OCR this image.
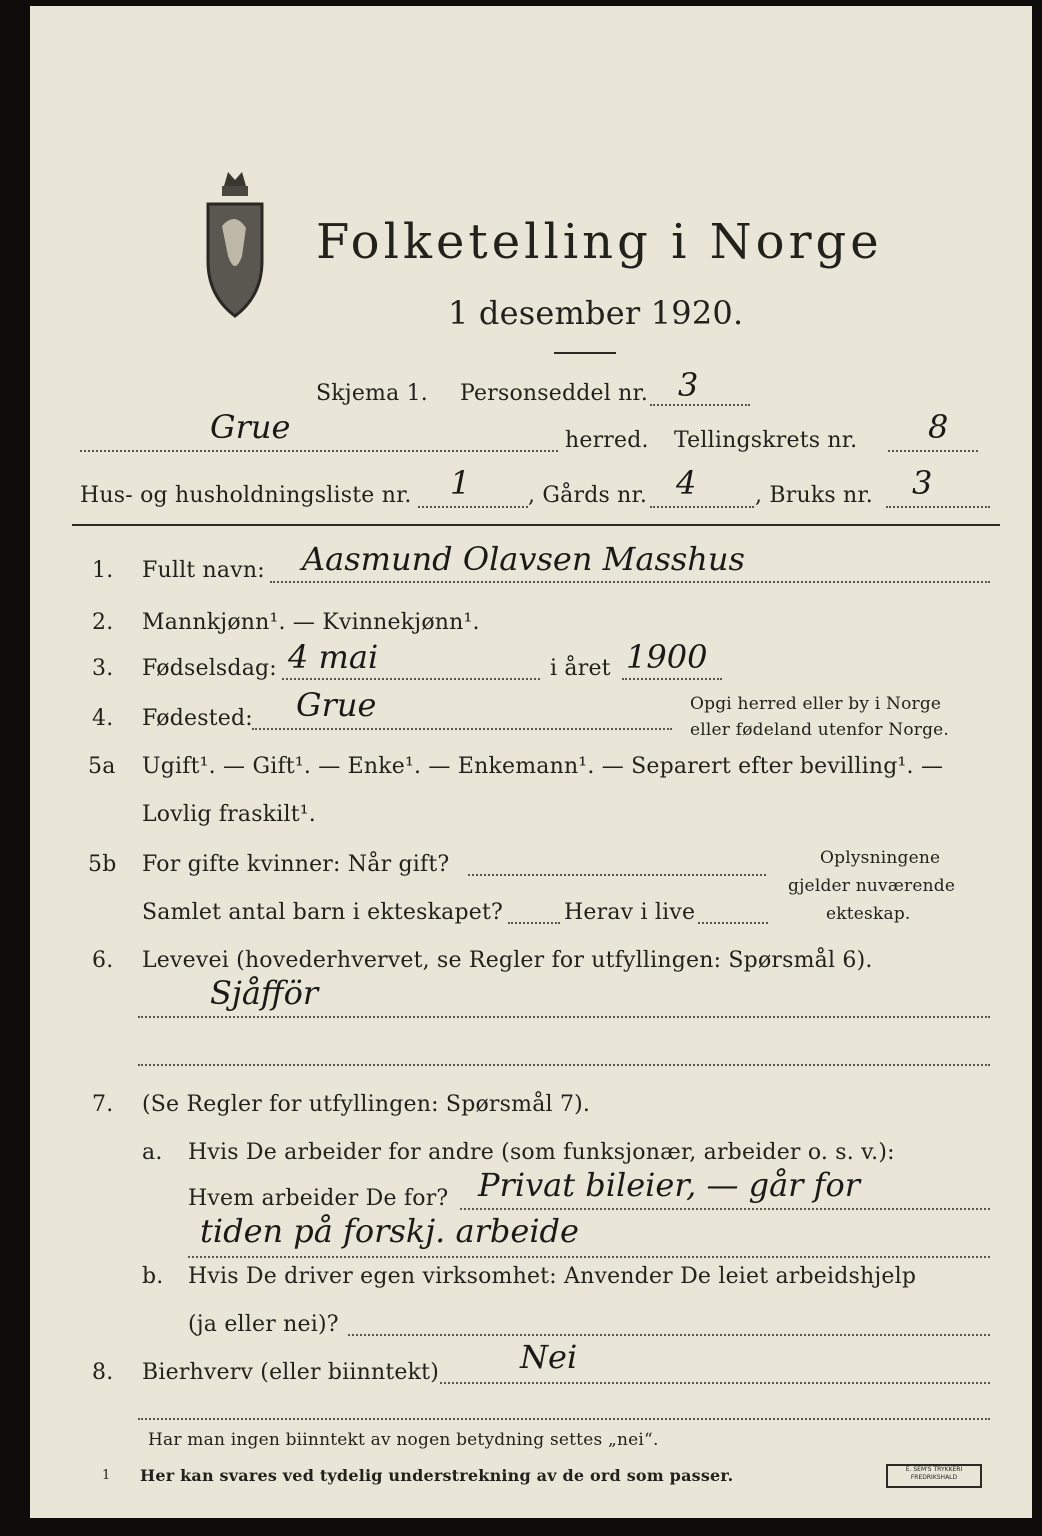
Folketelling i Norge
1 desember 1920.
Skjema 1. Personseddel nr. 3
Grue	herred. Tellingskrets nr. 8
Hus- og husholdningsliste nr. 1	, Gårds nr. 4	, Bruks nr. 3
1. Fullt navn: Aasmund Olavsen Masshus
2. Mannkjønn¹. — Kvinnekjønn¹.
3. Fødselsdag: 4 mai	i året 1900
4. Fødested: Grue	Opgi herred eller by i Norge
eller fødeland utenfor Norge.
5a Ugift¹. — Gift¹. — Enke¹. — Enkemann¹. — Separert efter bevilling¹. —
Lovlig fraskilt¹.
5b For gifte kvinner: Når gift?
Samlet antal barn i ekteskapet?	Herav i live
Oplysningene
gjelder nuværende
ekteskap.
6. Levevei (hovederhvervet, se Regler for utfyllingen: Spørsmål 6).
Sjåfför
7. (Se Regler for utfyllingen: Spørsmål 7).
a. Hvis De arbeider for andre (som funksjonær, arbeider o. s. v.):
Hvem arbeider De for? Privat bileier, — går for
tiden på forskj. arbeide
b. Hvis De driver egen virksomhet: Anvender De leiet arbeidshjelp
(ja eller nei)?
8. Bierhverv (eller biinntekt)	Nei
Har man ingen biinntekt av nogen betydning settes „nei“.
1 Her kan svares ved tydelig understrekning av de ord som passer.	E. SEM'S TRYKKERI FREDRIKSHALD
